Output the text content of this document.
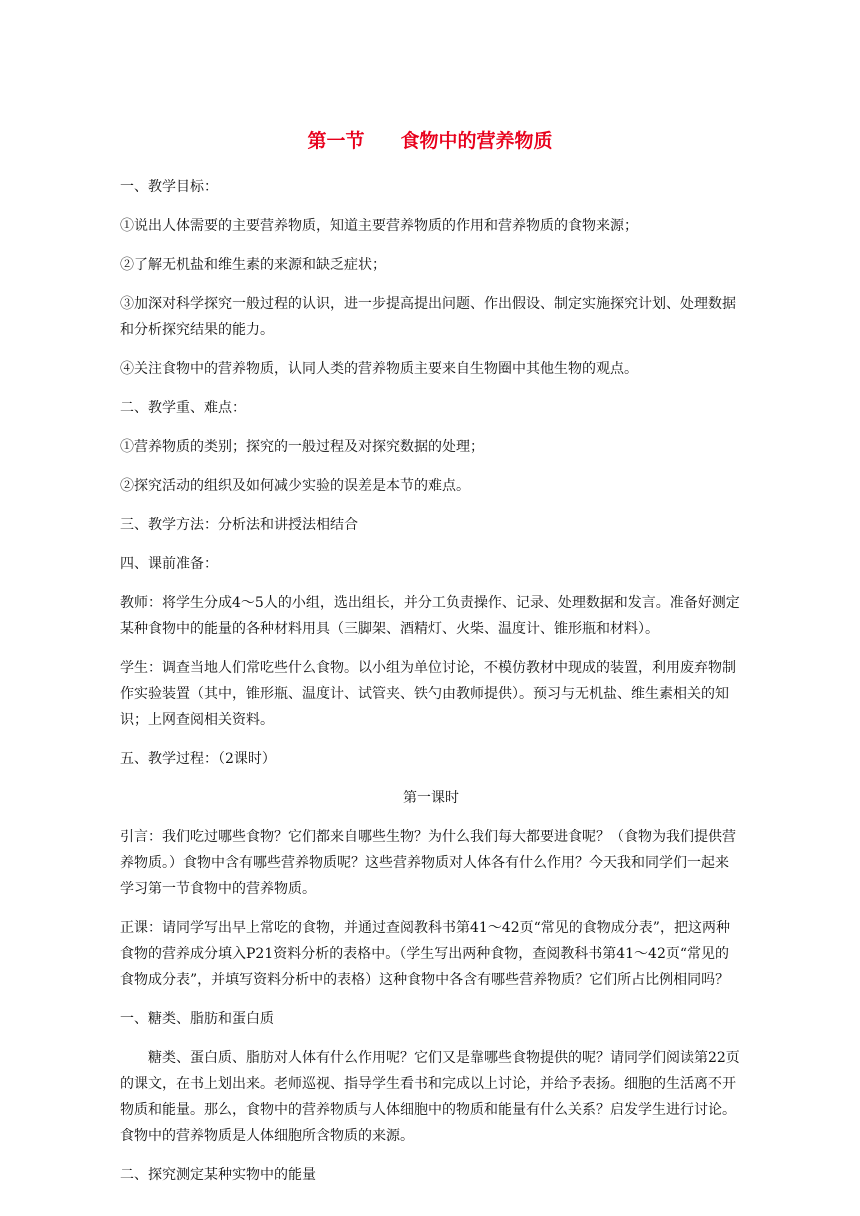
第一节 食物中的营养物质

一、教学目标：

①说出人体需要的主要营养物质，知道主要营养物质的作用和营养物质的食物来源；

②了解无机盐和维生素的来源和缺乏症状；

③加深对科学探究一般过程的认识，进一步提高提出问题、作出假设、制定实施探究计划、处理数据和分析探究结果的能力。

④关注食物中的营养物质，认同人类的营养物质主要来自生物圈中其他生物的观点。

二、教学重、难点：

①营养物质的类别；探究的一般过程及对探究数据的处理；

②探究活动的组织及如何减少实验的误差是本节的难点。

三、教学方法：分析法和讲授法相结合

四、课前准备：

教师：将学生分成4～5人的小组，选出组长，并分工负责操作、记录、处理数据和发言。准备好测定某种食物中的能量的各种材料用具（三脚架、酒精灯、火柴、温度计、锥形瓶和材料）。

学生：调查当地人们常吃些什么食物。以小组为单位讨论，不模仿教材中现成的装置，利用废弃物制作实验装置（其中，锥形瓶、温度计、试管夹、铁勺由教师提供）。预习与无机盐、维生素相关的知识；上网查阅相关资料。

五、教学过程：（2课时）

第一课时

引言：我们吃过哪些食物？它们都来自哪些生物？为什么我们每大都要进食呢？（食物为我们提供营养物质。）食物中含有哪些营养物质呢？这些营养物质对人体各有什么作用？今天我和同学们一起来学习第一节食物中的营养物质。

正课：请同学写出早上常吃的食物，并通过查阅教科书第41～42页“常见的食物成分表”，把这两种食物的营养成分填入P21资料分析的表格中。（学生写出两种食物，查阅教科书第41～42页“常见的食物成分表”，并填写资料分析中的表格）这种食物中各含有哪些营养物质？它们所占比例相同吗？

一、糖类、脂肪和蛋白质

糖类、蛋白质、脂肪对人体有什么作用呢？它们又是靠哪些食物提供的呢？请同学们阅读第22页的课文，在书上划出来。老师巡视、指导学生看书和完成以上讨论，并给予表扬。细胞的生活离不开物质和能量。那么，食物中的营养物质与人体细胞中的物质和能量有什么关系？启发学生进行讨论。食物中的营养物质是人体细胞所含物质的来源。

二、探究测定某种实物中的能量
